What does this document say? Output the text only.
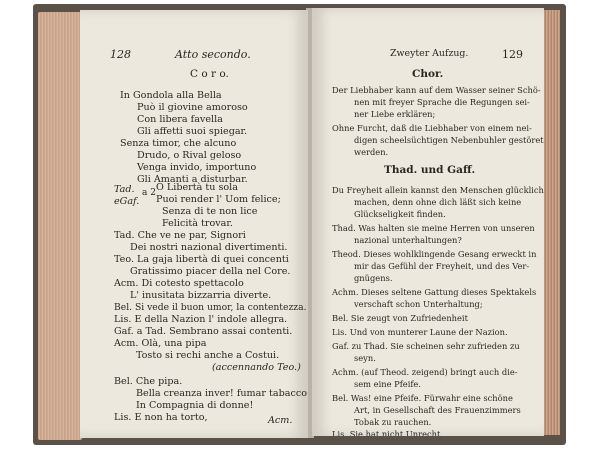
128	Atto secondo.
C o r o.
In Gondola alla Bella
Può il giovine amoroso
Con libera favella
Gli affetti suoi spiegar.
Senza timor, che alcuno
Drudo, o Rival geloso
Venga invido, importuno
Gli Amanti a disturbar.
Tad. O Libertà tu sola
eGaf.
a 2
Puoi render l' Uom felice;
Senza di te non lice
Felicità trovar.
Tad. Che ve ne par, Signori
Dei nostri nazional divertimenti.
Teo. La gaja libertà di quei concenti
Gratissimo piacer della nel Core.
Acm. Di cotesto spettacolo
L' inusitata bizzarria diverte.
Bel. Si vede il buon umor, la contentezza.
Lis. E della Nazion l' indole allegra.
Gaf. a Tad. Sembrano assai contenti.
Acm. Olà, una pipa
Tosto si rechi anche a Costui.
(accennando Teo.)
Bel. Che pipa.
Bella creanza inver! fumar tabacco
In Compagnia di donne!
Lis. E non ha torto,	Acm.
Zweyter Aufzug.	129
Chor.
Der Liebhaber kann auf dem Wasser seiner Schö-
nen mit freyer Sprache die Regungen sei-
ner Liebe erklären;
Ohne Furcht, daß die Liebhaber von einem nei-
digen scheelsüchtigen Nebenbuhler gestöret
werden.
Thad. und Gaff.
Du Freyheit allein kannst den Menschen glücklich
machen, denn ohne dich läßt sich keine
Glückseligkeit finden.
Thad. Was halten sie meine Herren von unseren
nazional unterhaltungen?
Theod. Dieses wohlklingende Gesang erweckt in
mir das Gefühl der Freyheit, und des Ver-
gnügens.
Achm. Dieses seltene Gattung dieses Spektakels
verschaft schon Unterhaltung;
Bel. Sie zeugt von Zufriedenheit
Lis. Und von munterer Laune der Nazion.
Gaf. zu Thad. Sie scheinen sehr zufrieden zu
seyn.
Achm. (auf Theod. zeigend) bringt auch die-
sem eine Pfeife.
Bel. Was! eine Pfeife. Fürwahr eine schöne
Art, in Gesellschaft des Frauenzimmers
Tobak zu rauchen.
Lis. Sie hat nicht Unrecht.
